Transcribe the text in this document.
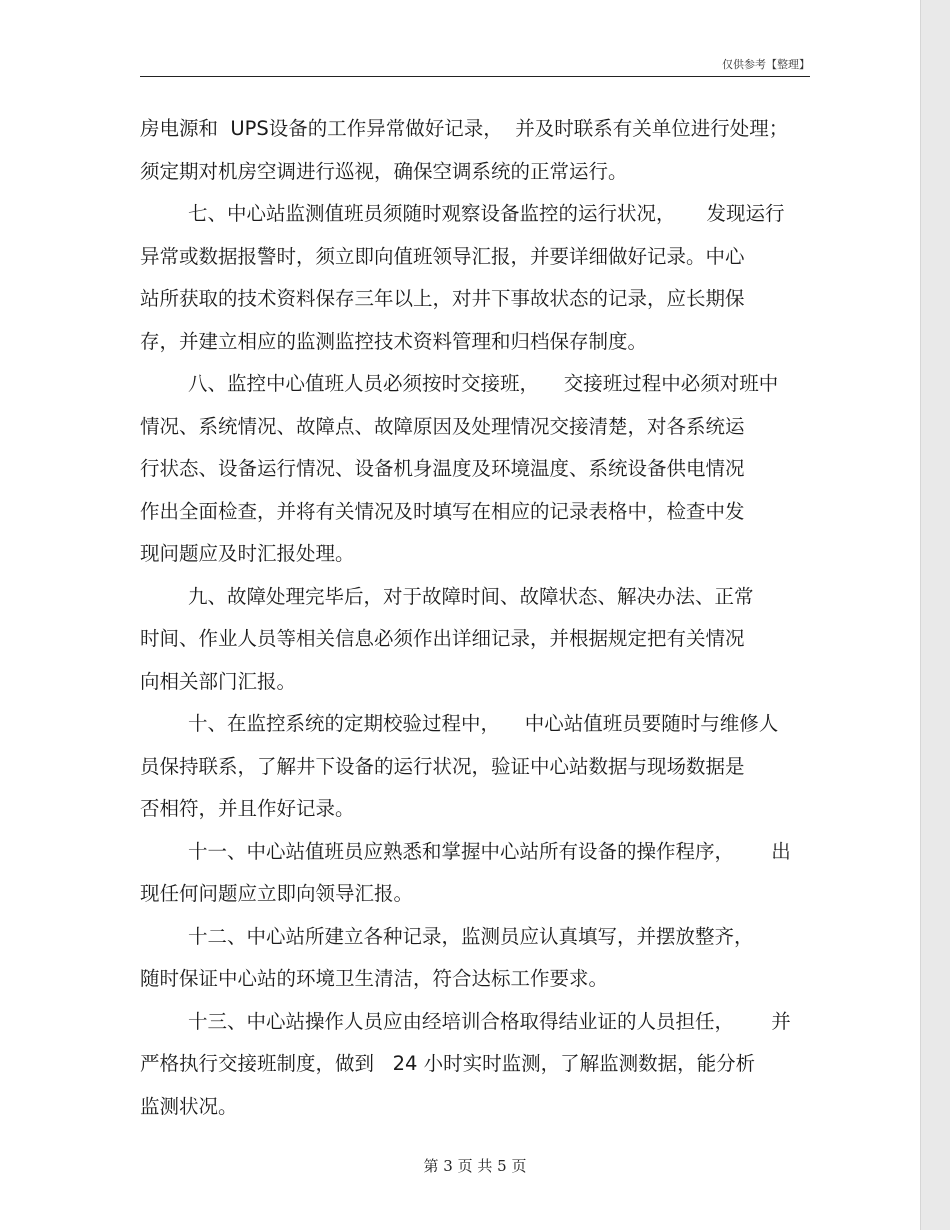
仅供参考【整理】
房电源和  UPS设备的工作异常做好记录，  并及时联系有关单位进行处理；
须定期对机房空调进行巡视，确保空调系统的正常运行。
七、中心站监测值班员须随时观察设备监控的运行状况，     发现运行
异常或数据报警时，须立即向值班领导汇报，并要详细做好记录。中心
站所获取的技术资料保存三年以上，对井下事故状态的记录，应长期保
存，并建立相应的监测监控技术资料管理和归档保存制度。
八、监控中心值班人员必须按时交接班，    交接班过程中必须对班中
情况、系统情况、故障点、故障原因及处理情况交接清楚，对各系统运
行状态、设备运行情况、设备机身温度及环境温度、系统设备供电情况
作出全面检查，并将有关情况及时填写在相应的记录表格中，检查中发
现问题应及时汇报处理。
九、故障处理完毕后，对于故障时间、故障状态、解决办法、正常
时间、作业人员等相关信息必须作出详细记录，并根据规定把有关情况
向相关部门汇报。
十、在监控系统的定期校验过程中，    中心站值班员要随时与维修人
员保持联系，了解井下设备的运行状况，验证中心站数据与现场数据是
否相符，并且作好记录。
十一、中心站值班员应熟悉和掌握中心站所有设备的操作程序，      出
现任何问题应立即向领导汇报。
十二、中心站所建立各种记录，监测员应认真填写，并摆放整齐，
随时保证中心站的环境卫生清洁，符合达标工作要求。
十三、中心站操作人员应由经培训合格取得结业证的人员担任，      并
严格执行交接班制度，做到   24 小时实时监测，了解监测数据，能分析
监测状况。
第 3 页 共 5 页
